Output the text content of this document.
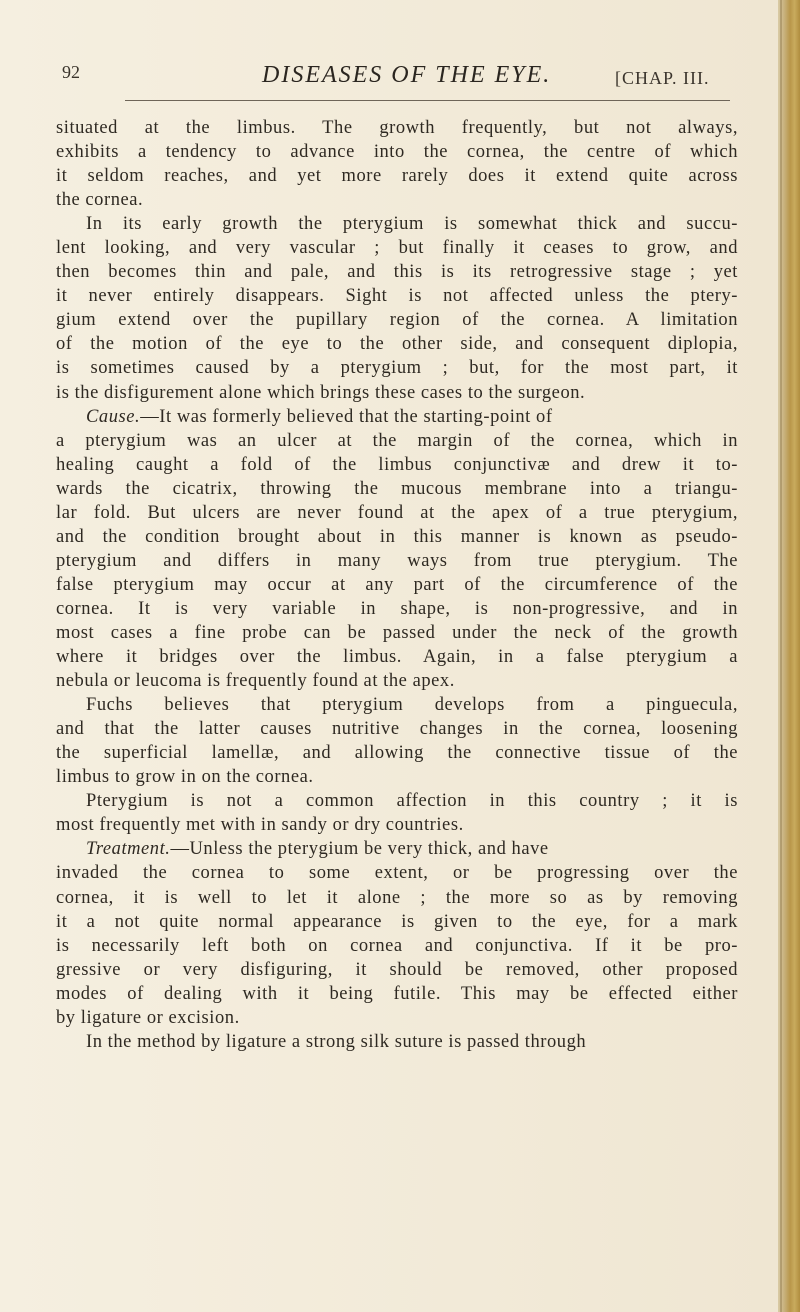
92	DISEASES OF THE EYE.	[CHAP. III.
situated at the limbus. The growth frequently, but not always,
exhibits a tendency to advance into the cornea, the centre of which
it seldom reaches, and yet more rarely does it extend quite across
the cornea.
In its early growth the pterygium is somewhat thick and succu-
lent looking, and very vascular ; but finally it ceases to grow, and
then becomes thin and pale, and this is its retrogressive stage ; yet
it never entirely disappears. Sight is not affected unless the ptery-
gium extend over the pupillary region of the cornea. A limitation
of the motion of the eye to the other side, and consequent diplopia,
is sometimes caused by a pterygium ; but, for the most part, it
is the disfigurement alone which brings these cases to the surgeon.
Cause.—It was formerly believed that the starting-point of
a pterygium was an ulcer at the margin of the cornea, which in
healing caught a fold of the limbus conjunctivæ and drew it to-
wards the cicatrix, throwing the mucous membrane into a triangu-
lar fold. But ulcers are never found at the apex of a true pterygium,
and the condition brought about in this manner is known as pseudo-
pterygium and differs in many ways from true pterygium. The
false pterygium may occur at any part of the circumference of the
cornea. It is very variable in shape, is non-progressive, and in
most cases a fine probe can be passed under the neck of the growth
where it bridges over the limbus. Again, in a false pterygium a
nebula or leucoma is frequently found at the apex.
Fuchs believes that pterygium develops from a pinguecula,
and that the latter causes nutritive changes in the cornea, loosening
the superficial lamellæ, and allowing the connective tissue of the
limbus to grow in on the cornea.
Pterygium is not a common affection in this country ; it is
most frequently met with in sandy or dry countries.
Treatment.—Unless the pterygium be very thick, and have
invaded the cornea to some extent, or be progressing over the
cornea, it is well to let it alone ; the more so as by removing
it a not quite normal appearance is given to the eye, for a mark
is necessarily left both on cornea and conjunctiva. If it be pro-
gressive or very disfiguring, it should be removed, other proposed
modes of dealing with it being futile. This may be effected either
by ligature or excision.
In the method by ligature a strong silk suture is passed through
